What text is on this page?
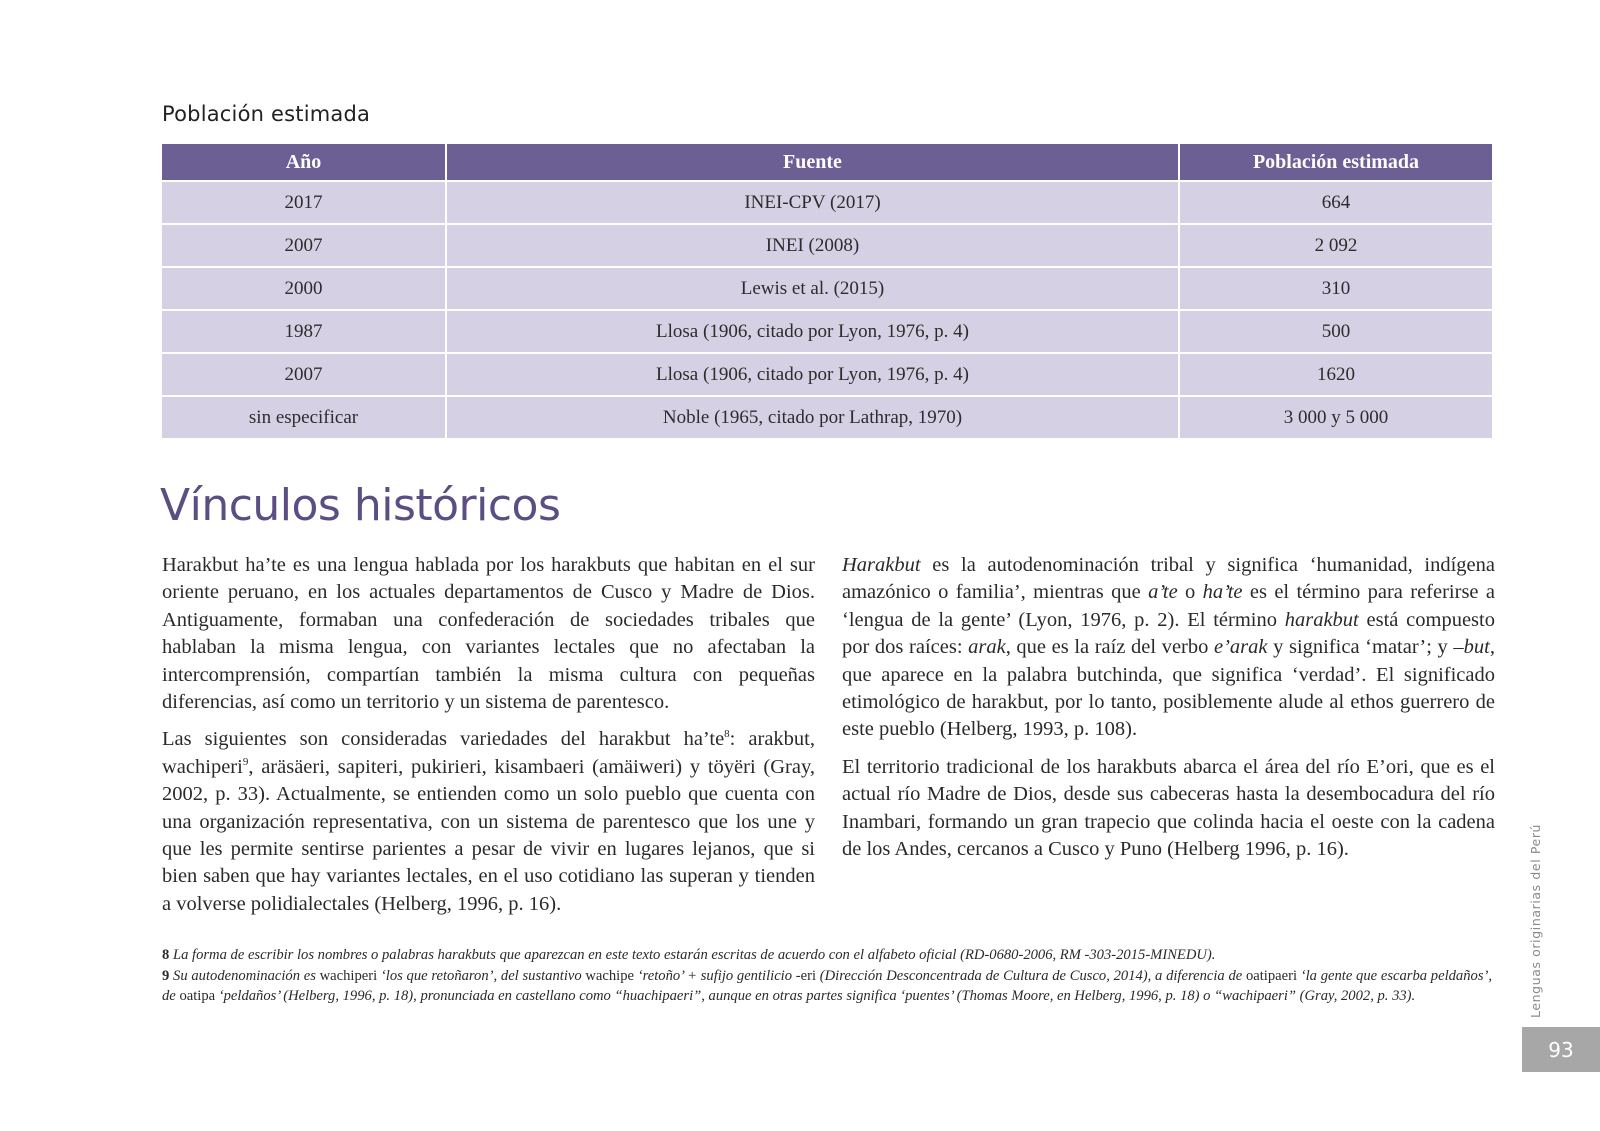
Población estimada
Año	Fuente	Población estimada
2017	INEI-CPV (2017)	664
2007	INEI (2008)	2 092
2000	Lewis et al. (2015)	310
1987	Llosa (1906, citado por Lyon, 1976, p. 4)	500
2007	Llosa (1906, citado por Lyon, 1976, p. 4)	1620
sin especificar	Noble (1965, citado por Lathrap, 1970)	3 000 y 5 000
Vínculos históricos

Harakbut ha’te es una lengua hablada por los harakbuts que habitan en el sur oriente peruano, en los actuales departamentos de Cusco y Madre de Dios. Antiguamente, formaban una confederación de sociedades tribales que hablaban la misma lengua, con variantes lectales que no afectaban la intercomprensión, compartían también la misma cultura con pequeñas diferencias, así como un territorio y un sistema de parentesco.

Las siguientes son consideradas variedades del harakbut $ha’te^8$: arakbut, wachiperi$^9$, aräsäeri, sapiteri, pukirieri, kisambaeri (amäiweri) y töyëri (Gray, 2002, p. 33). Actualmente, se entienden como un solo pueblo que cuenta con una organización representativa, con un sistema de parentesco que los une y que les permite sentirse parientes a pesar de vivir en lugares lejanos, que si bien saben que hay variantes lectales, en el uso cotidiano las superan y tienden a volverse polidialectales (Helberg, 1996, p. 16).

Harakbut es la autodenominación tribal y significa ‘humanidad, indígena amazónico o familia’, mientras que a’te o ha’te es el término para referirse a ‘lengua de la gente’ (Lyon, 1976, p. 2). El término harakbut está compuesto por dos raíces: arak, que es la raíz del verbo e’arak y significa ‘matar’; y –but, que aparece en la palabra butchinda, que significa ‘verdad’. El significado etimológico de harakbut, por lo tanto, posiblemente alude al ethos guerrero de este pueblo (Helberg, 1993, p. 108).

El territorio tradicional de los harakbuts abarca el área del río E’ori, que es el actual río Madre de Dios, desde sus cabeceras hasta la desembocadura del río Inambari, formando un gran trapecio que colinda hacia el oeste con la cadena de los Andes, cercanos a Cusco y Puno (Helberg 1996, p. 16).

8 La forma de escribir los nombres o palabras harakbuts que aparezcan en este texto estarán escritas de acuerdo con el alfabeto oficial (RD-0680-2006, RM -303-2015-MINEDU).

9 Su autodenominación es wachiperi ‘los que retoñaron’, del sustantivo wachipe ‘retoño’ + sufijo gentilicio -eri (Dirección Desconcentrada de Cultura de Cusco, 2014), a diferencia de oatipaeri ‘la gente que escarba peldaños’, de oatipa ‘peldaños’ (Helberg, 1996, p. 18), pronunciada en castellano como “huachipaeri”, aunque en otras partes significa ‘puentes’ (Thomas Moore, en Helberg, 1996, p. 18) o “wachipaeri” (Gray, 2002, p. 33).	Lenguas originarias del Perú
93
